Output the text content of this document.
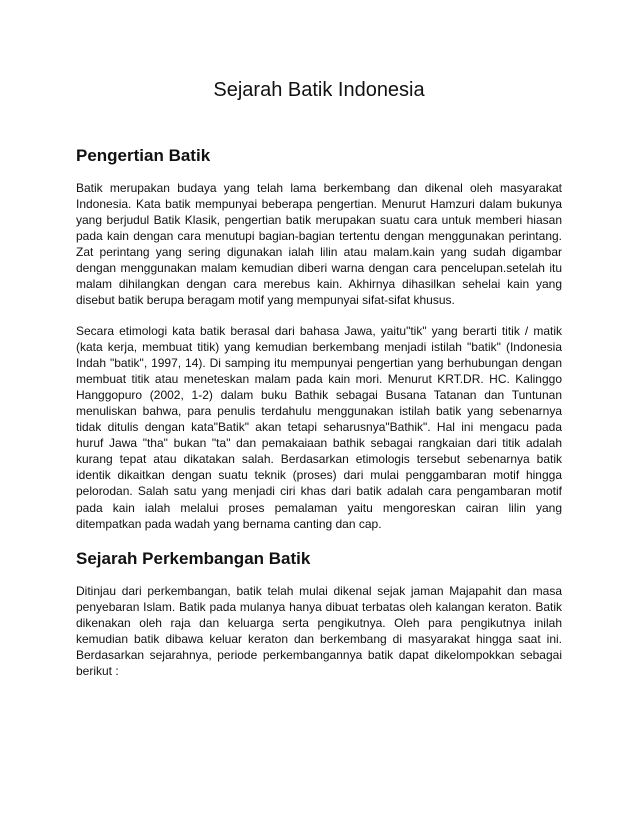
Sejarah Batik Indonesia
Pengertian Batik

Batik merupakan budaya yang telah lama berkembang dan dikenal oleh masyarakat Indonesia. Kata batik mempunyai beberapa pengertian. Menurut Hamzuri dalam bukunya yang berjudul Batik Klasik, pengertian batik merupakan suatu cara untuk memberi hiasan pada kain dengan cara menutupi bagian-bagian tertentu dengan menggunakan perintang. Zat perintang yang sering digunakan ialah lilin atau malam.kain yang sudah digambar dengan menggunakan malam kemudian diberi warna dengan cara pencelupan.setelah itu malam dihilangkan dengan cara merebus kain. Akhirnya dihasilkan sehelai kain yang disebut batik berupa beragam motif yang mempunyai sifat-sifat khusus.

Secara etimologi kata batik berasal dari bahasa Jawa, yaitu"tik" yang berarti titik / matik (kata kerja, membuat titik) yang kemudian berkembang menjadi istilah "batik" (Indonesia Indah "batik", 1997, 14). Di samping itu mempunyai pengertian yang berhubungan dengan membuat titik atau meneteskan malam pada kain mori. Menurut KRT.DR. HC. Kalinggo Hanggopuro (2002, 1-2) dalam buku Bathik sebagai Busana Tatanan dan Tuntunan menuliskan bahwa, para penulis terdahulu menggunakan istilah batik yang sebenarnya tidak ditulis dengan kata"Batik" akan tetapi seharusnya"Bathik". Hal ini mengacu pada huruf Jawa "tha" bukan "ta" dan pemakaiaan bathik sebagai rangkaian dari titik adalah kurang tepat atau dikatakan salah. Berdasarkan etimologis tersebut sebenarnya batik identik dikaitkan dengan suatu teknik (proses) dari mulai penggambaran motif hingga pelorodan. Salah satu yang menjadi ciri khas dari batik adalah cara pengambaran motif pada kain ialah melalui proses pemalaman yaitu mengoreskan cairan lilin yang ditempatkan pada wadah yang bernama canting dan cap.

Sejarah Perkembangan Batik

Ditinjau dari perkembangan, batik telah mulai dikenal sejak jaman Majapahit dan masa penyebaran Islam. Batik pada mulanya hanya dibuat terbatas oleh kalangan keraton. Batik dikenakan oleh raja dan keluarga serta pengikutnya. Oleh para pengikutnya inilah kemudian batik dibawa keluar keraton dan berkembang di masyarakat hingga saat ini. Berdasarkan sejarahnya, periode perkembangannya batik dapat dikelompokkan sebagai berikut :
